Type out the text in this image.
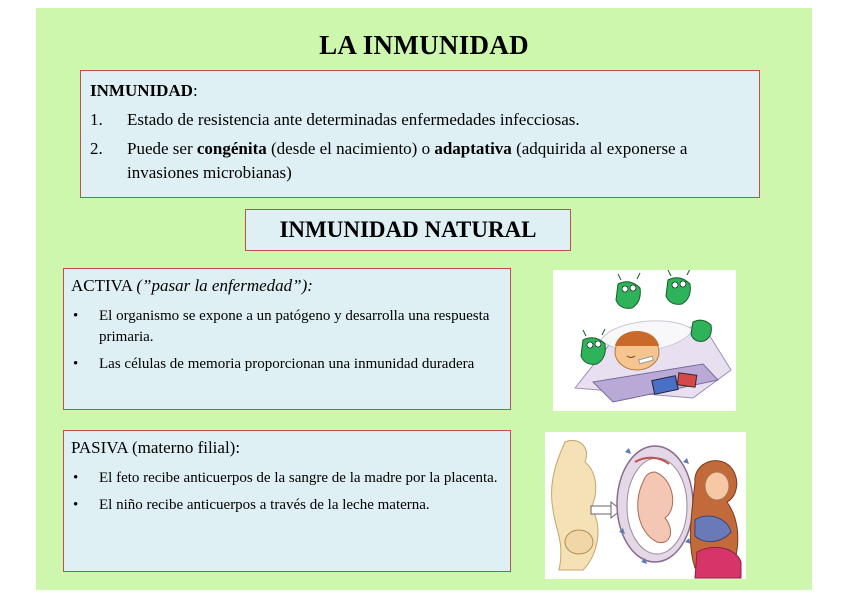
LA INMUNIDAD
INMUNIDAD:
1.	Estado de resistencia ante determinadas enfermedades infecciosas.
2.	Puede ser congénita (desde el nacimiento) o adaptativa (adquirida al exponerse a invasiones microbianas)
INMUNIDAD NATURAL
ACTIVA (”pasar la enfermedad”):
•	El organismo se expone a un patógeno y desarrolla una respuesta primaria.
•	Las células de memoria proporcionan una inmunidad duradera
PASIVA (materno filial):
•	El feto recibe anticuerpos de la sangre de la madre por la placenta.
•	El niño recibe anticuerpos a través de la leche materna.
